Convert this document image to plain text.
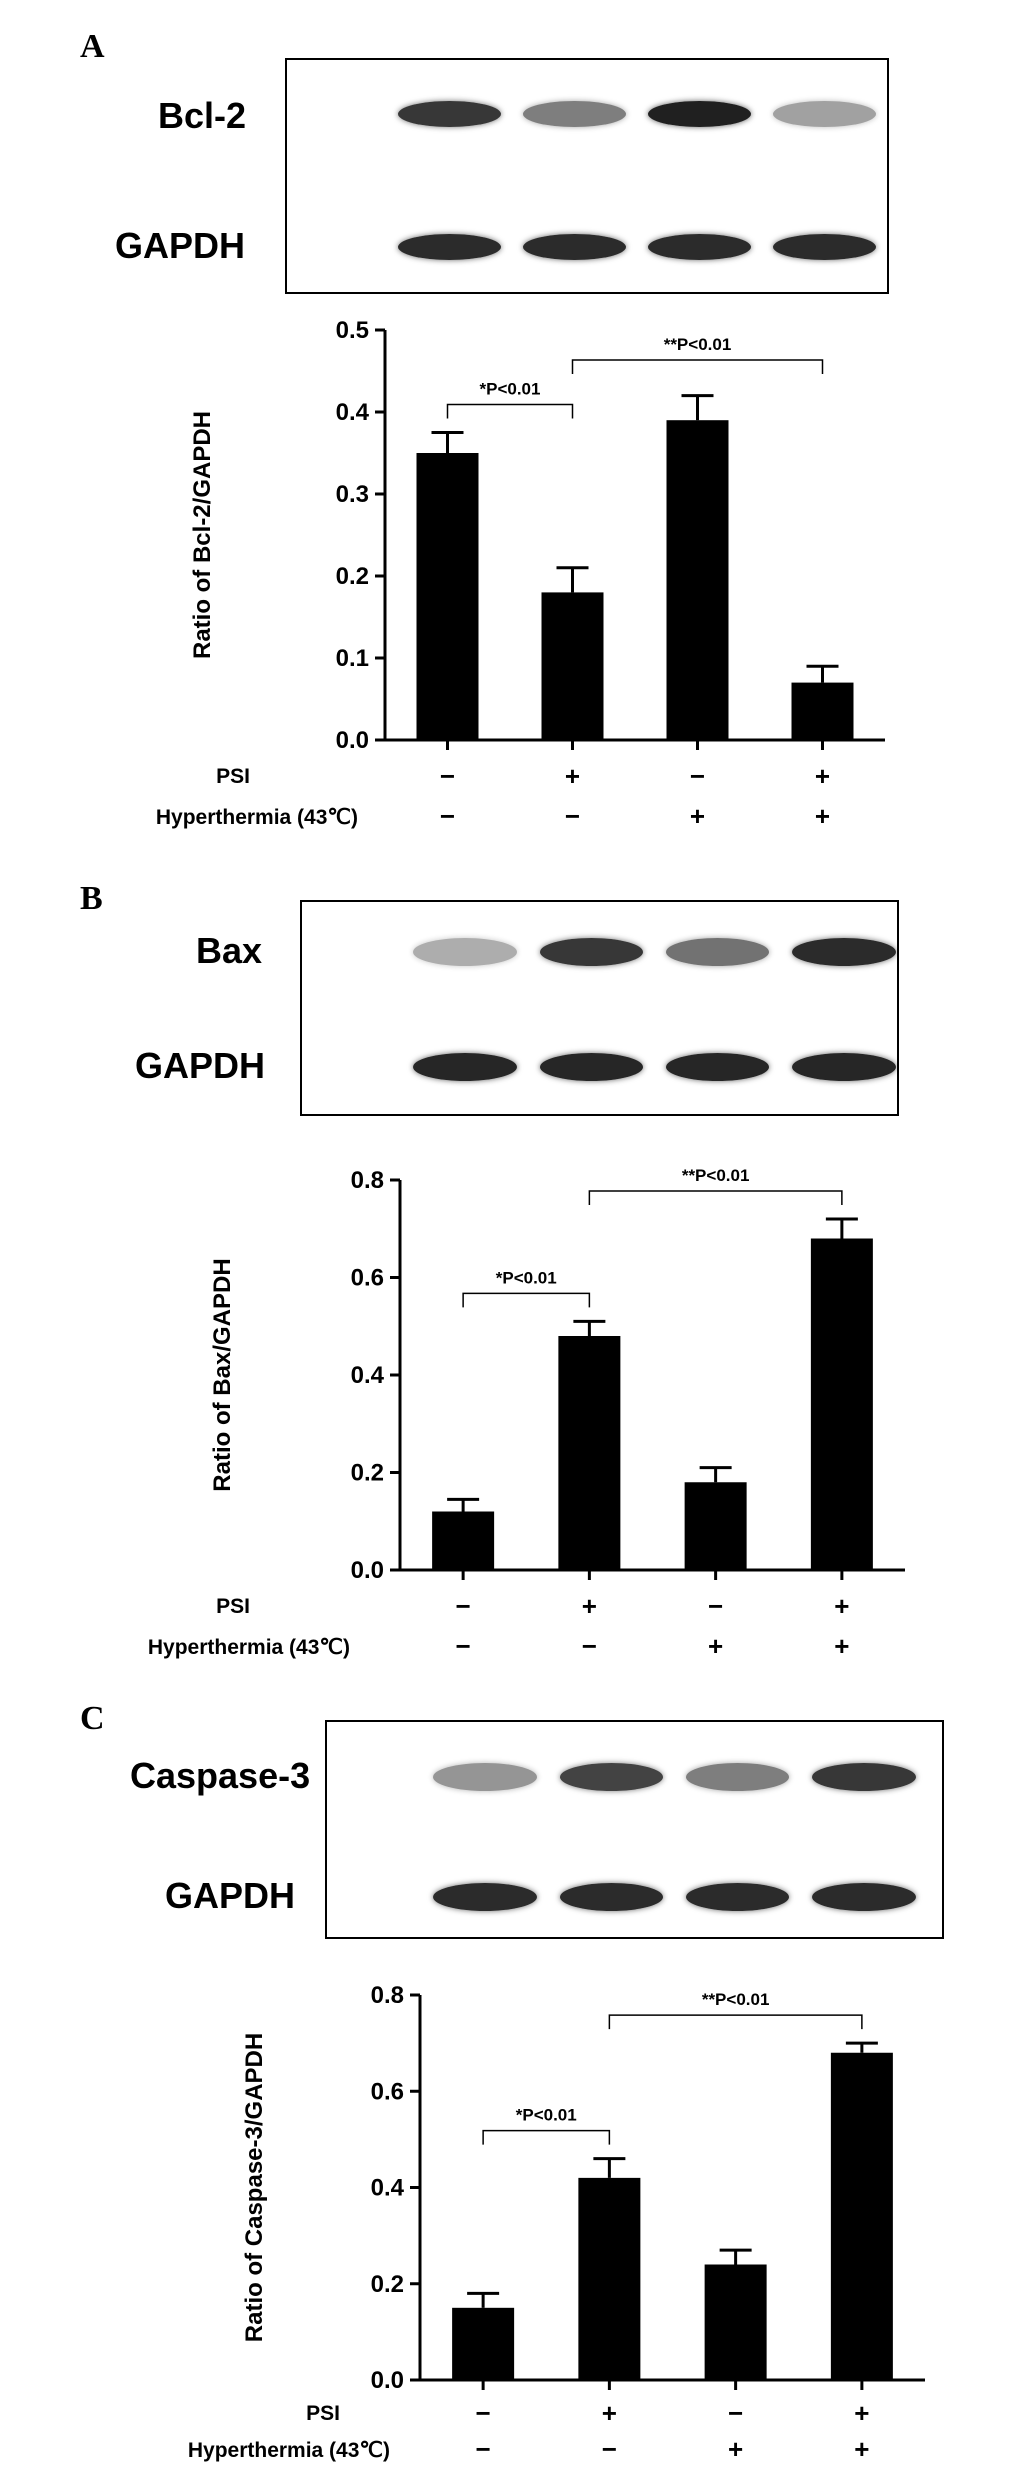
A
Bcl-2
GAPDH
0.0
0.1
0.2
0.3
0.4
0.5
Ratio of Bcl-2/GAPDH
*P<0.01
**P<0.01
PSI
Hyperthermia (43℃)
−
−
+
−
−
+
+
+
B
Bax
GAPDH
0.0
0.2
0.4
0.6
0.8
Ratio of Bax/GAPDH	*P<0.01
**P<0.01
PSI
Hyperthermia (43℃)
−
−
+
−
−
+
+
+
C
Caspase-3
GAPDH
0.0
0.2
0.4
0.6
0.8
Ratio of Caspase-3/GAPDH	*P<0.01
**P<0.01
PSI
Hyperthermia (43℃)
−
−
+
−
−
+
+
+
